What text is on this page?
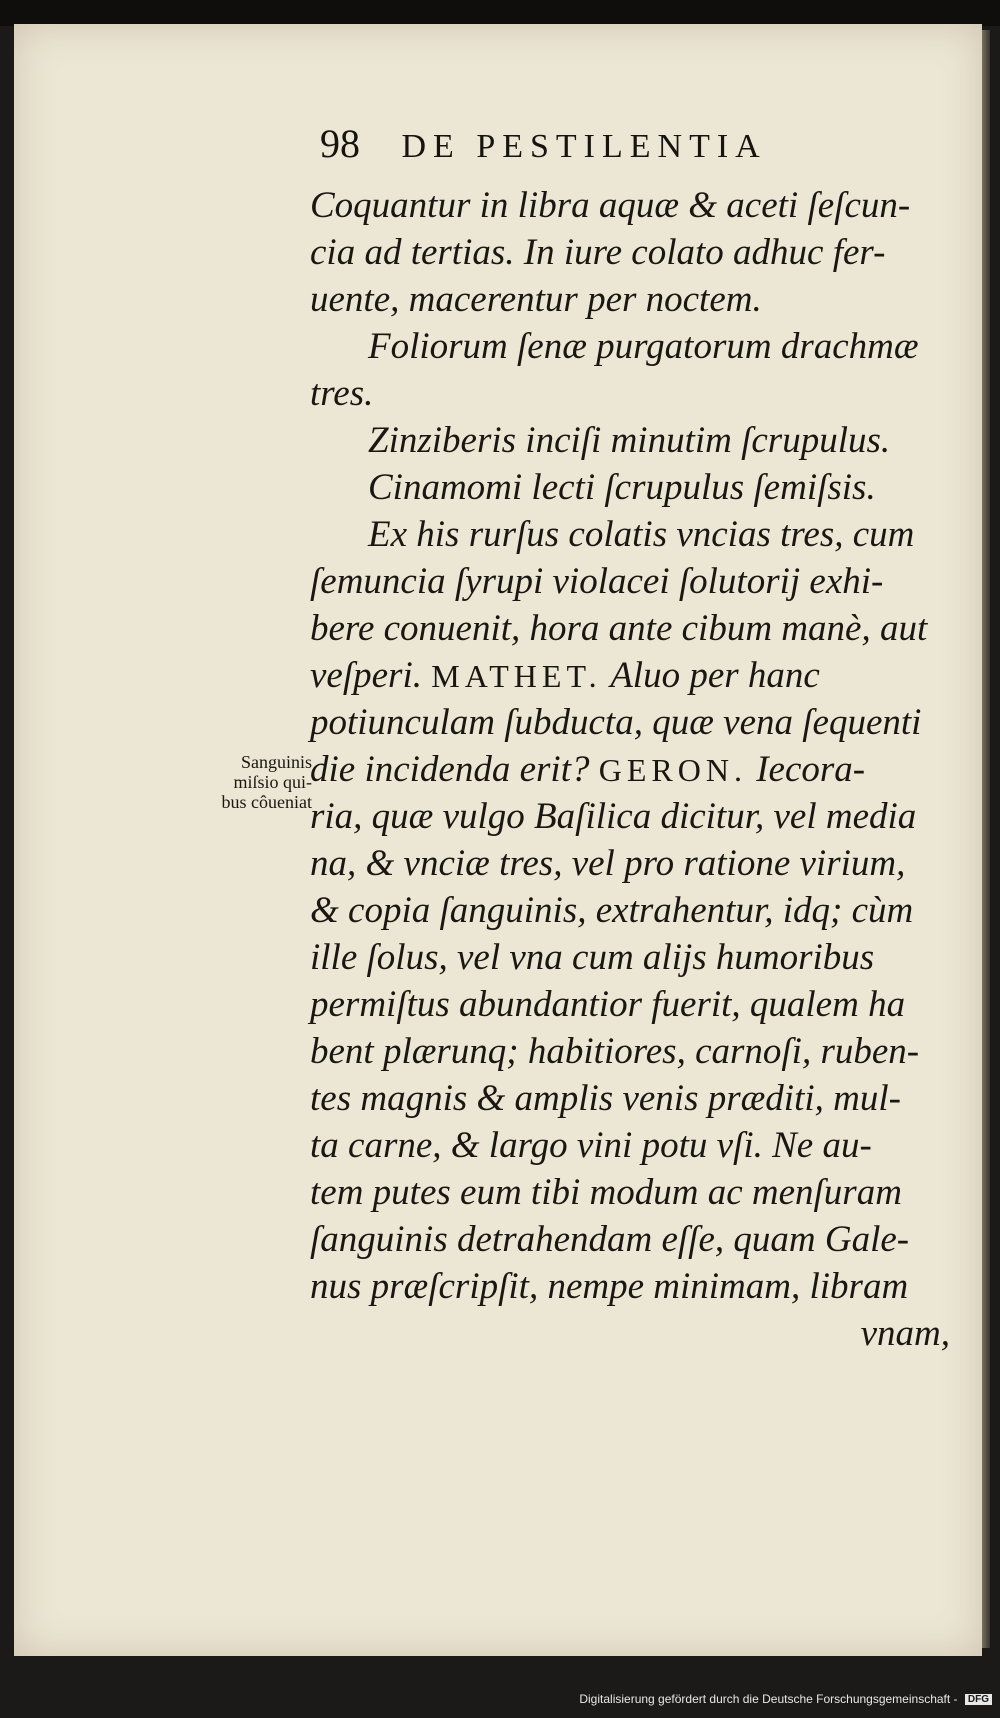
98 DE PESTILENTIA
Sanguinis
miſsio qui-
bus côueniat
Coquantur in libra aquæ & aceti ſeſcun-
cia ad tertias. In iure colato adhuc fer-
uente, macerentur per noctem.
Foliorum ſenæ purgatorum drachmæ
tres.
Zinziberis inciſi minutim ſcrupulus.
Cinamomi lecti ſcrupulus ſemiſsis.
Ex his rurſus colatis vncias tres, cum
ſemuncia ſyrupi violacei ſolutorij exhi-
bere conuenit, hora ante cibum manè, aut
veſperi. MATHET. Aluo per hanc
potiunculam ſubducta, quæ vena ſequenti
die incidenda erit? GERON. Iecora-
ria, quæ vulgo Baſilica dicitur, vel media
na, & vnciæ tres, vel pro ratione virium,
& copia ſanguinis, extrahentur, idq; cùm
ille ſolus, vel vna cum alijs humoribus
permiſtus abundantior fuerit, qualem ha
bent plærunq; habitiores, carnoſi, ruben-
tes magnis & amplis venis præditi, mul-
ta carne, & largo vini potu vſi. Ne au-
tem putes eum tibi modum ac menſuram
ſanguinis detrahendam eſſe, quam Gale-
nus præſcripſit, nempe minimam, libram
vnam,
Digitalisierung gefördert durch die Deutsche Forschungsgemeinschaft - DFG
